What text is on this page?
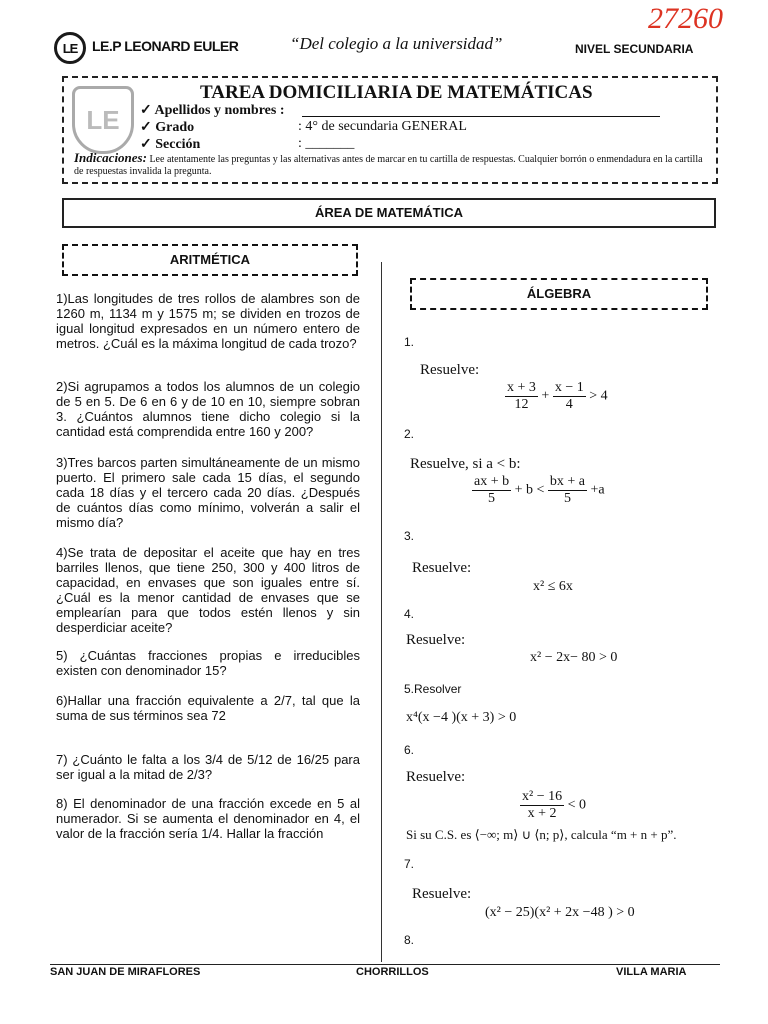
LE LE.P LEONARD EULER	“Del colegio a la universidad”	NIVEL SECUNDARIA
27260
LE
TAREA DOMICILIARIA DE MATEMÁTICAS
✓ Apellidos y nombres :
✓ Grado	: 4° de secundaria GENERAL
✓ Sección	: _______
Indicaciones: Lee atentamente las preguntas y las alternativas antes de marcar en tu cartilla de respuestas. Cualquier borrón o enmendadura en la cartilla de respuestas invalida la pregunta.
ÁREA DE MATEMÁTICA
ARITMÉTICA
ÁLGEBRA
1)Las longitudes de tres rollos de alambres son de 1260 m, 1134 m y 1575 m; se dividen en trozos de igual longitud expresados en un número entero de metros. ¿Cuál es la máxima longitud de cada trozo?
2)Si agrupamos a todos los alumnos de un colegio de 5 en 5. De 6 en 6 y de 10 en 10, siempre sobran 3. ¿Cuántos alumnos tiene dicho colegio si la cantidad está comprendida entre 160 y 200?
3)Tres barcos parten simultáneamente de un mismo puerto. El primero sale cada 15 días, el segundo cada 18 días y el tercero cada 20 días. ¿Después de cuántos días como mínimo, volverán a salir el mismo día?
4)Se trata de depositar el aceite que hay en tres barriles llenos, que tiene 250, 300 y 400 litros de capacidad, en envases que son iguales entre sí. ¿Cuál es la menor cantidad de envases que se emplearían para que todos estén llenos y sin desperdiciar aceite?
5) ¿Cuántas fracciones propias e irreducibles existen con denominador 15?
6)Hallar una fracción equivalente a 2/7, tal que la suma de sus términos sea 72
7) ¿Cuánto le falta a los 3/4 de 5/12 de 16/25 para ser igual a la mitad de 2/3?
8) El denominador de una fracción excede en 5 al numerador. Si se aumenta el denominador en 4, el valor de la fracción sería 1/4. Hallar la fracción
1.
Resuelve:
$\frac{x + 3}{12} + \frac{x - 1}{4} > 4$
2.
Resuelve, si a < b:
$\frac{ax + b}{5} + b < \frac{bx + a}{5} +a$
3.
Resuelve:
x² ≤ 6x
4.
Resuelve:
x² − 2x− 80 > 0
5.Resolver
x⁴(x −4 )(x + 3) > 0
6.
Resuelve:
$\frac{\text{x² − 16}}{x + 2} < 0$
Si su C.S. es ⟨−∞; m⟩ ∪ ⟨n; p⟩, calcula “m + n + p”.
7.
Resuelve:
(x² − 25)(x² + 2x −48 ) > 0
8.
SAN JUAN DE MIRAFLORES	CHORRILLOS	VILLA MARIA
